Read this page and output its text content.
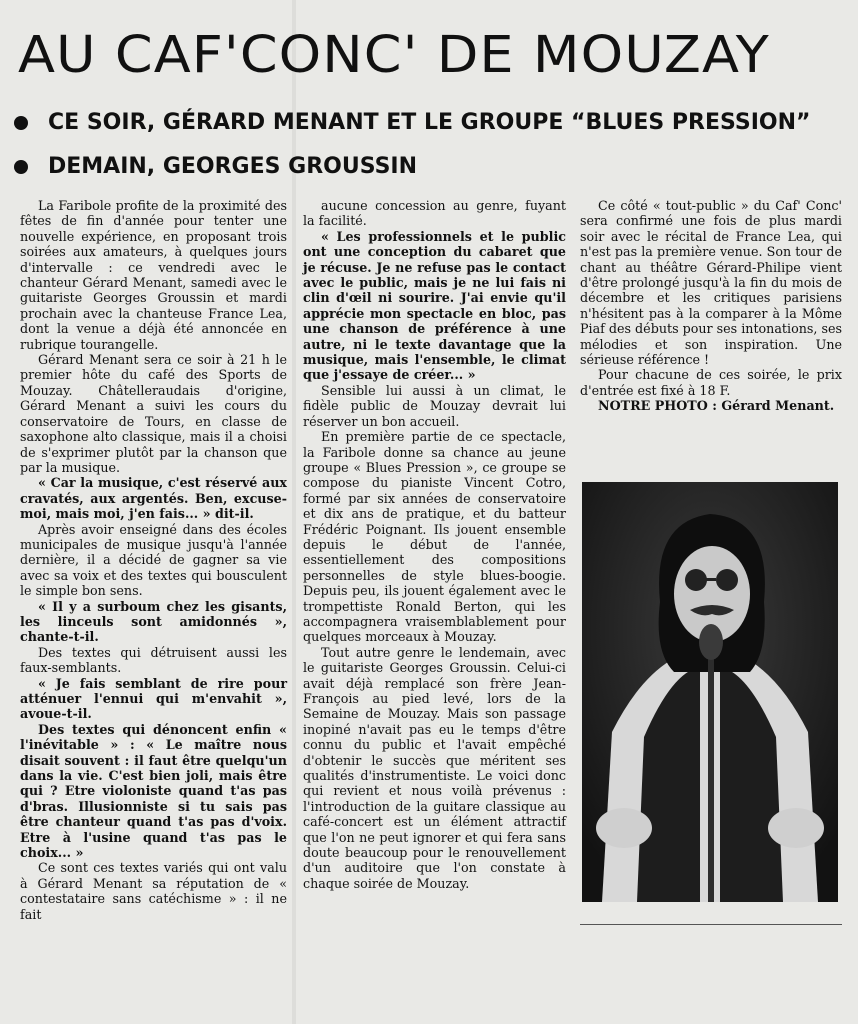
AU CAF'CONC' DE MOUZAY
CE SOIR, GÉRARD MENANT ET LE GROUPE “BLUES PRESSION”
DEMAIN, GEORGES GROUSSIN

La Faribole profite de la proximité des fêtes de fin d'année pour tenter une nouvelle expérience, en proposant trois soirées aux amateurs, à quelques jours d'intervalle : ce vendredi avec le chanteur Gérard Menant, samedi avec le guitariste Georges Groussin et mardi prochain avec la chanteuse France Lea, dont la venue a déjà été annoncée en rubrique tourangelle.

Gérard Menant sera ce soir à 21 h le premier hôte du café des Sports de Mouzay. Châtelleraudais d'origine, Gérard Menant a suivi les cours du conservatoire de Tours, en classe de saxophone alto classique, mais il a choisi de s'exprimer plutôt par la chanson que par la musique.

« Car la musique, c'est réservé aux cravatés, aux argentés. Ben, excuse-moi, mais moi, j'en fais... » dit-il.

Après avoir enseigné dans des écoles municipales de musique jusqu'à l'année dernière, il a décidé de gagner sa vie avec sa voix et des textes qui bousculent le simple bon sens.

« Il y a surboum chez les gisants, les linceuls sont amidonnés », chante-t-il.

Des textes qui détruisent aussi les faux-semblants.

« Je fais semblant de rire pour atténuer l'ennui qui m'envahit », avoue-t-il.

Des textes qui dénoncent enfin « l'inévitable » : « Le maître nous disait souvent : il faut être quelqu'un dans la vie. C'est bien joli, mais être qui ? Etre violoniste quand t'as pas d'bras. Illusionniste si tu sais pas être chanteur quand t'as pas d'voix. Etre à l'usine quand t'as pas le choix... »

Ce sont ces textes variés qui ont valu à Gérard Menant sa réputation de « contestataire sans catéchisme » : il ne fait

aucune concession au genre, fuyant la facilité.

« Les professionnels et le public ont une conception du cabaret que je récuse. Je ne refuse pas le contact avec le public, mais je ne lui fais ni clin d'œil ni sourire. J'ai envie qu'il apprécie mon spectacle en bloc, pas une chanson de préférence à une autre, ni le texte davantage que la musique, mais l'ensemble, le climat que j'essaye de créer... »

Sensible lui aussi à un climat, le fidèle public de Mouzay devrait lui réserver un bon accueil.

En première partie de ce spectacle, la Faribole donne sa chance au jeune groupe « Blues Pression », ce groupe se compose du pianiste Vincent Cotro, formé par six années de conservatoire et dix ans de pratique, et du batteur Frédéric Poignant. Ils jouent ensemble depuis le début de l'année, essentiellement des compositions personnelles de style blues-boogie. Depuis peu, ils jouent également avec le trompettiste Ronald Berton, qui les accompagnera vraisemblablement pour quelques morceaux à Mouzay.

Tout autre genre le lendemain, avec le guitariste Georges Groussin. Celui-ci avait déjà remplacé son frère Jean-François au pied levé, lors de la Semaine de Mouzay. Mais son passage inopiné n'avait pas eu le temps d'être connu du public et l'avait empêché d'obtenir le succès que méritent ses qualités d'instrumentiste. Le voici donc qui revient et nous voilà prévenus : l'introduction de la guitare classique au café-concert est un élément attractif que l'on ne peut ignorer et qui fera sans doute beaucoup pour le renouvellement d'un auditoire que l'on constate à chaque soirée de Mouzay.

Ce côté « tout-public » du Caf' Conc' sera confirmé une fois de plus mardi soir avec le récital de France Lea, qui n'est pas la première venue. Son tour de chant au théâtre Gérard-Philipe vient d'être prolongé jusqu'à la fin du mois de décembre et les critiques parisiens n'hésitent pas à la comparer à la Môme Piaf des débuts pour ses intonations, ses mélodies et son inspiration. Une sérieuse référence !

Pour chacune de ces soirée, le prix d'entrée est fixé à 18 F.

NOTRE PHOTO : Gérard Menant.
